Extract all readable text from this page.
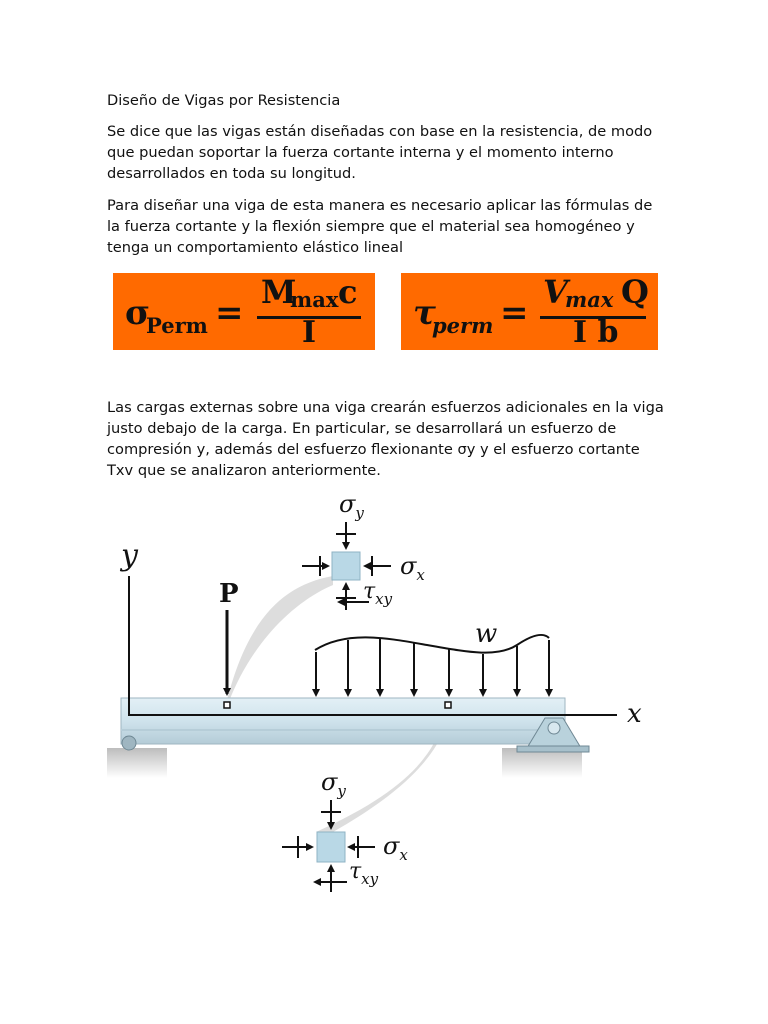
Diseño de Vigas por Resistencia

Se dice que las vigas están diseñadas con base en la resistencia, de modo que puedan soportar la fuerza cortante interna y el momento interno desarrollados en toda su longitud.

Para diseñar una viga de esta manera es necesario aplicar las fórmulas de la fuerza cortante y la flexión siempre que el material sea homogéneo y tenga un comportamiento elástico lineal

σ
Perm =
M
max c
I	τ
perm =
V
max Q
I b

Las cargas externas sobre una viga crearán esfuerzos adicionales en la viga justo debajo de la carga. En particular, se desarrollará un esfuerzo de compresión y, además del esfuerzo flexionante σy y el esfuerzo cortante Txv que se analizaron anteriormente.

y
x
P
w
$\sigma_y$
$\sigma_x$
$\tau_{xy}$
$\sigma_y$
$\sigma_x$
$\tau_{xy}$
